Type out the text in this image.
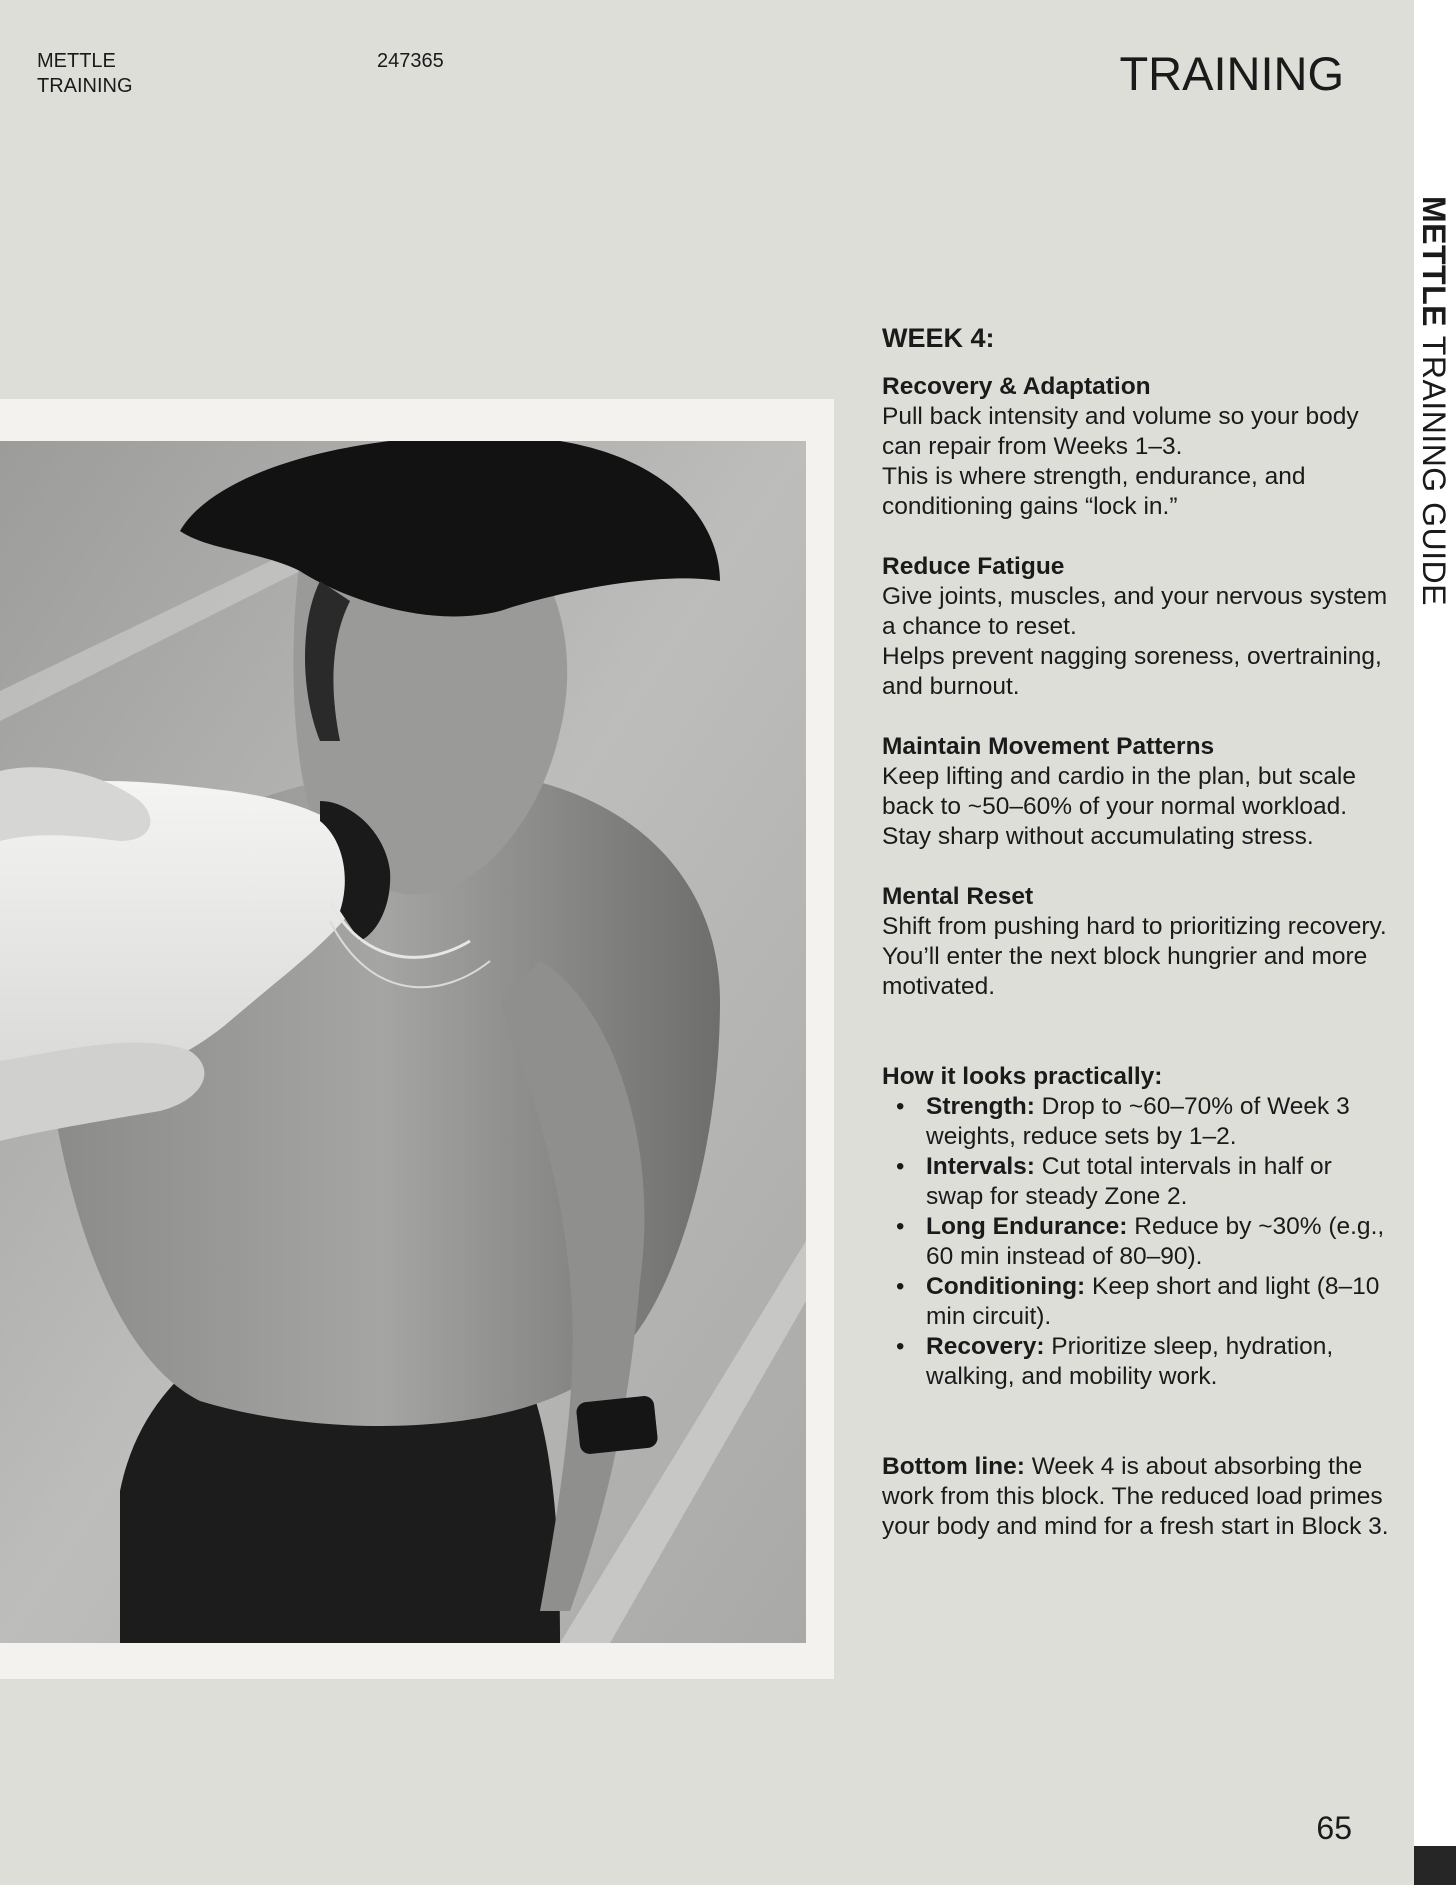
METTLE
TRAINING
247365	TRAINING
WEEK 4:
Recovery & Adaptation

Pull back intensity and volume so your body can repair from Weeks 1–3.

This is where strength, endurance, and conditioning gains “lock in.”

Reduce Fatigue

Give joints, muscles, and your nervous system a chance to reset.

Helps prevent nagging soreness, overtraining, and burnout.

Maintain Movement Patterns

Keep lifting and cardio in the plan, but scale back to ~50–60% of your normal workload.

Stay sharp without accumulating stress.

Mental Reset

Shift from pushing hard to prioritizing recovery.

You’ll enter the next block hungrier and more motivated.

How it looks practically:
• Strength: Drop to ~60–70% of Week 3 weights, reduce sets by 1–2.
• Intervals: Cut total intervals in half or swap for steady Zone 2.
• Long Endurance: Reduce by ~30% (e.g., 60 min instead of 80–90).
• Conditioning: Keep short and light (8–10 min circuit).
• Recovery: Prioritize sleep, hydration, walking, and mobility work.
Bottom line: Week 4 is about absorbing the work from this block. The reduced load primes your body and mind for a fresh start in Block 3.
65
METTLE TRAINING GUIDE
